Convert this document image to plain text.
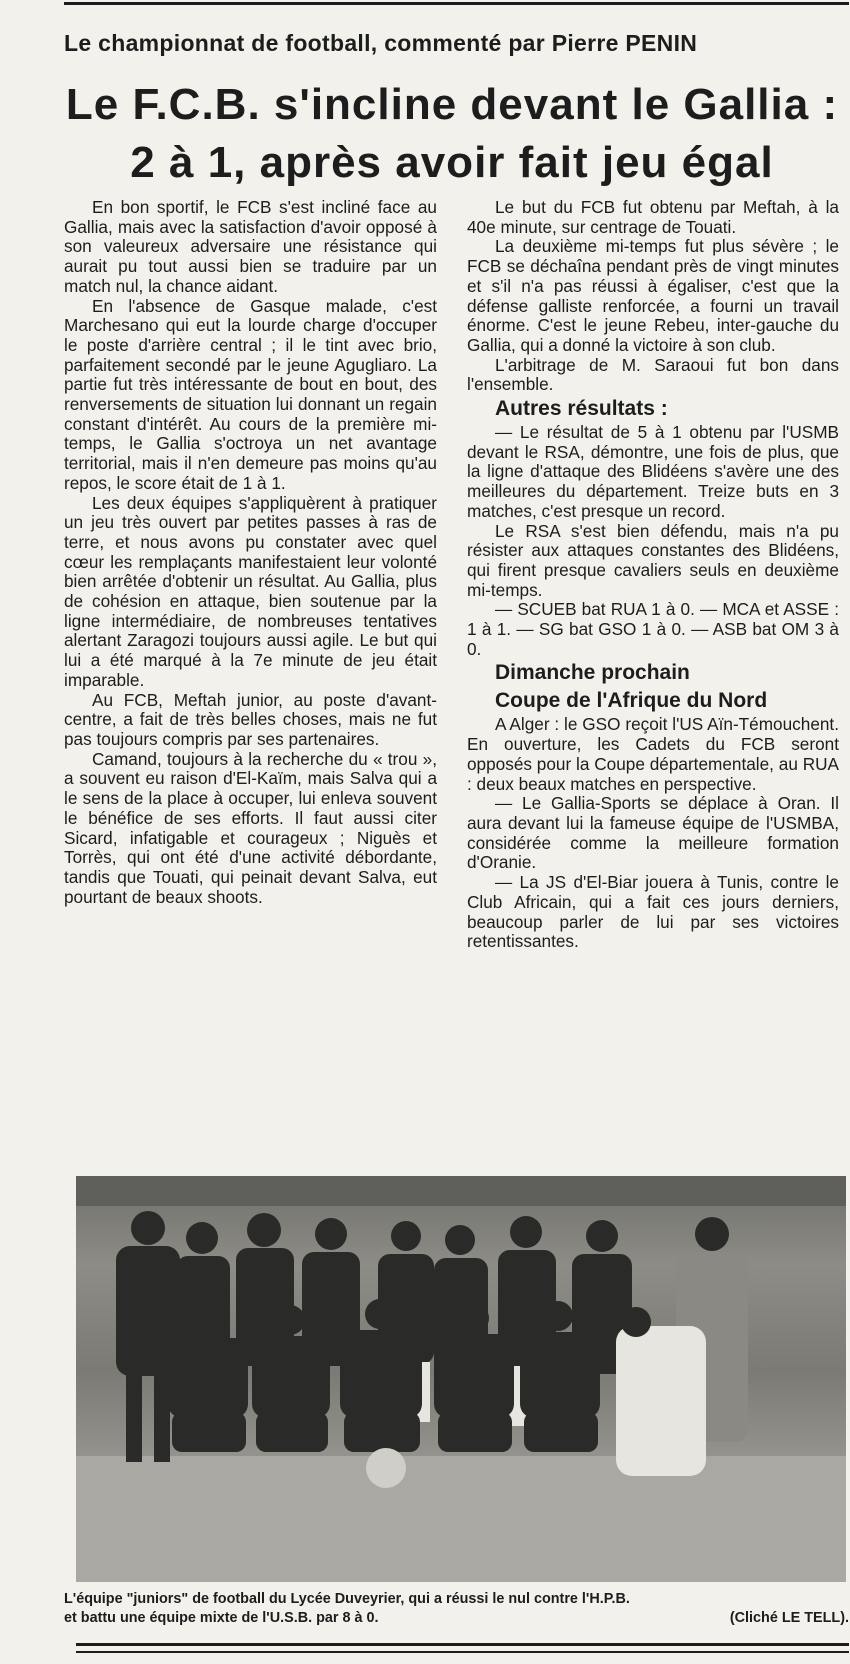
Le championnat de football, commenté par Pierre PENIN
Le F.C.B. s'incline devant le Gallia :
2 à 1, après avoir fait jeu égal

En bon sportif, le FCB s'est incliné face au Gallia, mais avec la satisfaction d'avoir opposé à son valeureux adversaire une résistance qui aurait pu tout aussi bien se traduire par un match nul, la chance aidant.

En l'absence de Gasque malade, c'est Marchesano qui eut la lourde charge d'occuper le poste d'arrière central ; il le tint avec brio, parfaitement secondé par le jeune Agugliaro. La partie fut très intéressante de bout en bout, des renversements de situation lui donnant un regain constant d'intérêt. Au cours de la première mi-temps, le Gallia s'octroya un net avantage territorial, mais il n'en demeure pas moins qu'au repos, le score était de 1 à 1.

Les deux équipes s'appliquèrent à pratiquer un jeu très ouvert par petites passes à ras de terre, et nous avons pu constater avec quel cœur les remplaçants manifestaient leur volonté bien arrêtée d'obtenir un résultat. Au Gallia, plus de cohésion en attaque, bien soutenue par la ligne intermédiaire, de nombreuses tentatives alertant Zaragozi toujours aussi agile. Le but qui lui a été marqué à la 7e minute de jeu était imparable.

Au FCB, Meftah junior, au poste d'avant-centre, a fait de très belles choses, mais ne fut pas toujours compris par ses partenaires.

Camand, toujours à la recherche du « trou », a souvent eu raison d'El-Kaïm, mais Salva qui a le sens de la place à occuper, lui enleva souvent le bénéfice de ses efforts. Il faut aussi citer Sicard, infatigable et courageux ; Niguès et Torrès, qui ont été d'une activité débordante, tandis que Touati, qui peinait devant Salva, eut pourtant de beaux shoots.

Le but du FCB fut obtenu par Meftah, à la 40e minute, sur centrage de Touati.

La deuxième mi-temps fut plus sévère ; le FCB se déchaîna pendant près de vingt minutes et s'il n'a pas réussi à égaliser, c'est que la défense galliste renforcée, a fourni un travail énorme. C'est le jeune Rebeu, inter-gauche du Gallia, qui a donné la victoire à son club.

L'arbitrage de M. Saraoui fut bon dans l'ensemble.

Autres résultats :

— Le résultat de 5 à 1 obtenu par l'USMB devant le RSA, démontre, une fois de plus, que la ligne d'attaque des Blidéens s'avère une des meilleures du département. Treize buts en 3 matches, c'est presque un record.

Le RSA s'est bien défendu, mais n'a pu résister aux attaques constantes des Blidéens, qui firent presque cavaliers seuls en deuxième mi-temps.

— SCUEB bat RUA 1 à 0. — MCA et ASSE : 1 à 1. — SG bat GSO 1 à 0. — ASB bat OM 3 à 0.

Dimanche prochain

Coupe de l'Afrique du Nord

A Alger : le GSO reçoit l'US Aïn-Témouchent. En ouverture, les Cadets du FCB seront opposés pour la Coupe départementale, au RUA : deux beaux matches en perspective.

— Le Gallia-Sports se déplace à Oran. Il aura devant lui la fameuse équipe de l'USMBA, considérée comme la meilleure formation d'Oranie.

— La JS d'El-Biar jouera à Tunis, contre le Club Africain, qui a fait ces jours derniers, beaucoup parler de lui par ses victoires retentissantes.

L'équipe "juniors" de football du Lycée Duveyrier, qui a réussi le nul contre l'H.P.B.
et battu une équipe mixte de l'U.S.B. par 8 à 0.	(Cliché LE TELL).
